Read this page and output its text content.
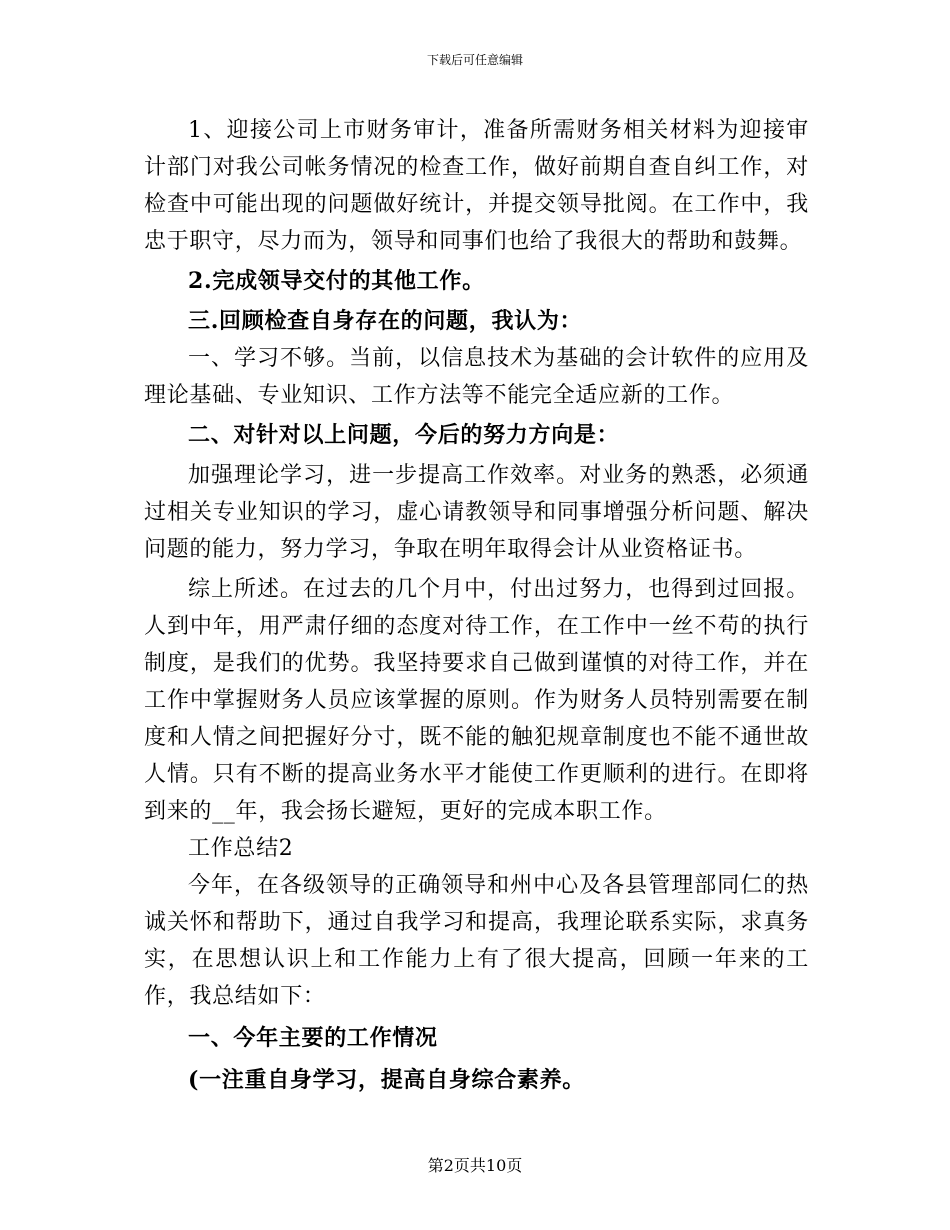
下载后可任意编辑

1、迎接公司上市财务审计，准备所需财务相关材料为迎接审计部门对我公司帐务情况的检查工作，做好前期自查自纠工作，对检查中可能出现的问题做好统计，并提交领导批阅。在工作中，我忠于职守，尽力而为，领导和同事们也给了我很大的帮助和鼓舞。

2.完成领导交付的其他工作。

三.回顾检查自身存在的问题，我认为：

一、学习不够。当前，以信息技术为基础的会计软件的应用及理论基础、专业知识、工作方法等不能完全适应新的工作。

二、对针对以上问题，今后的努力方向是：

加强理论学习，进一步提高工作效率。对业务的熟悉，必须通过相关专业知识的学习，虚心请教领导和同事增强分析问题、解决问题的能力，努力学习，争取在明年取得会计从业资格证书。

综上所述。在过去的几个月中，付出过努力，也得到过回报。人到中年，用严肃仔细的态度对待工作，在工作中一丝不苟的执行制度，是我们的优势。我坚持要求自己做到谨慎的对待工作，并在工作中掌握财务人员应该掌握的原则。作为财务人员特别需要在制度和人情之间把握好分寸，既不能的触犯规章制度也不能不通世故人情。只有不断的提高业务水平才能使工作更顺利的进行。在即将到来的__年，我会扬长避短，更好的完成本职工作。

工作总结2

今年，在各级领导的正确领导和州中心及各县管理部同仁的热诚关怀和帮助下，通过自我学习和提高，我理论联系实际，求真务实，在思想认识上和工作能力上有了很大提高，回顾一年来的工作，我总结如下：

一、今年主要的工作情况

(一注重自身学习，提高自身综合素养。

第2页共10页
